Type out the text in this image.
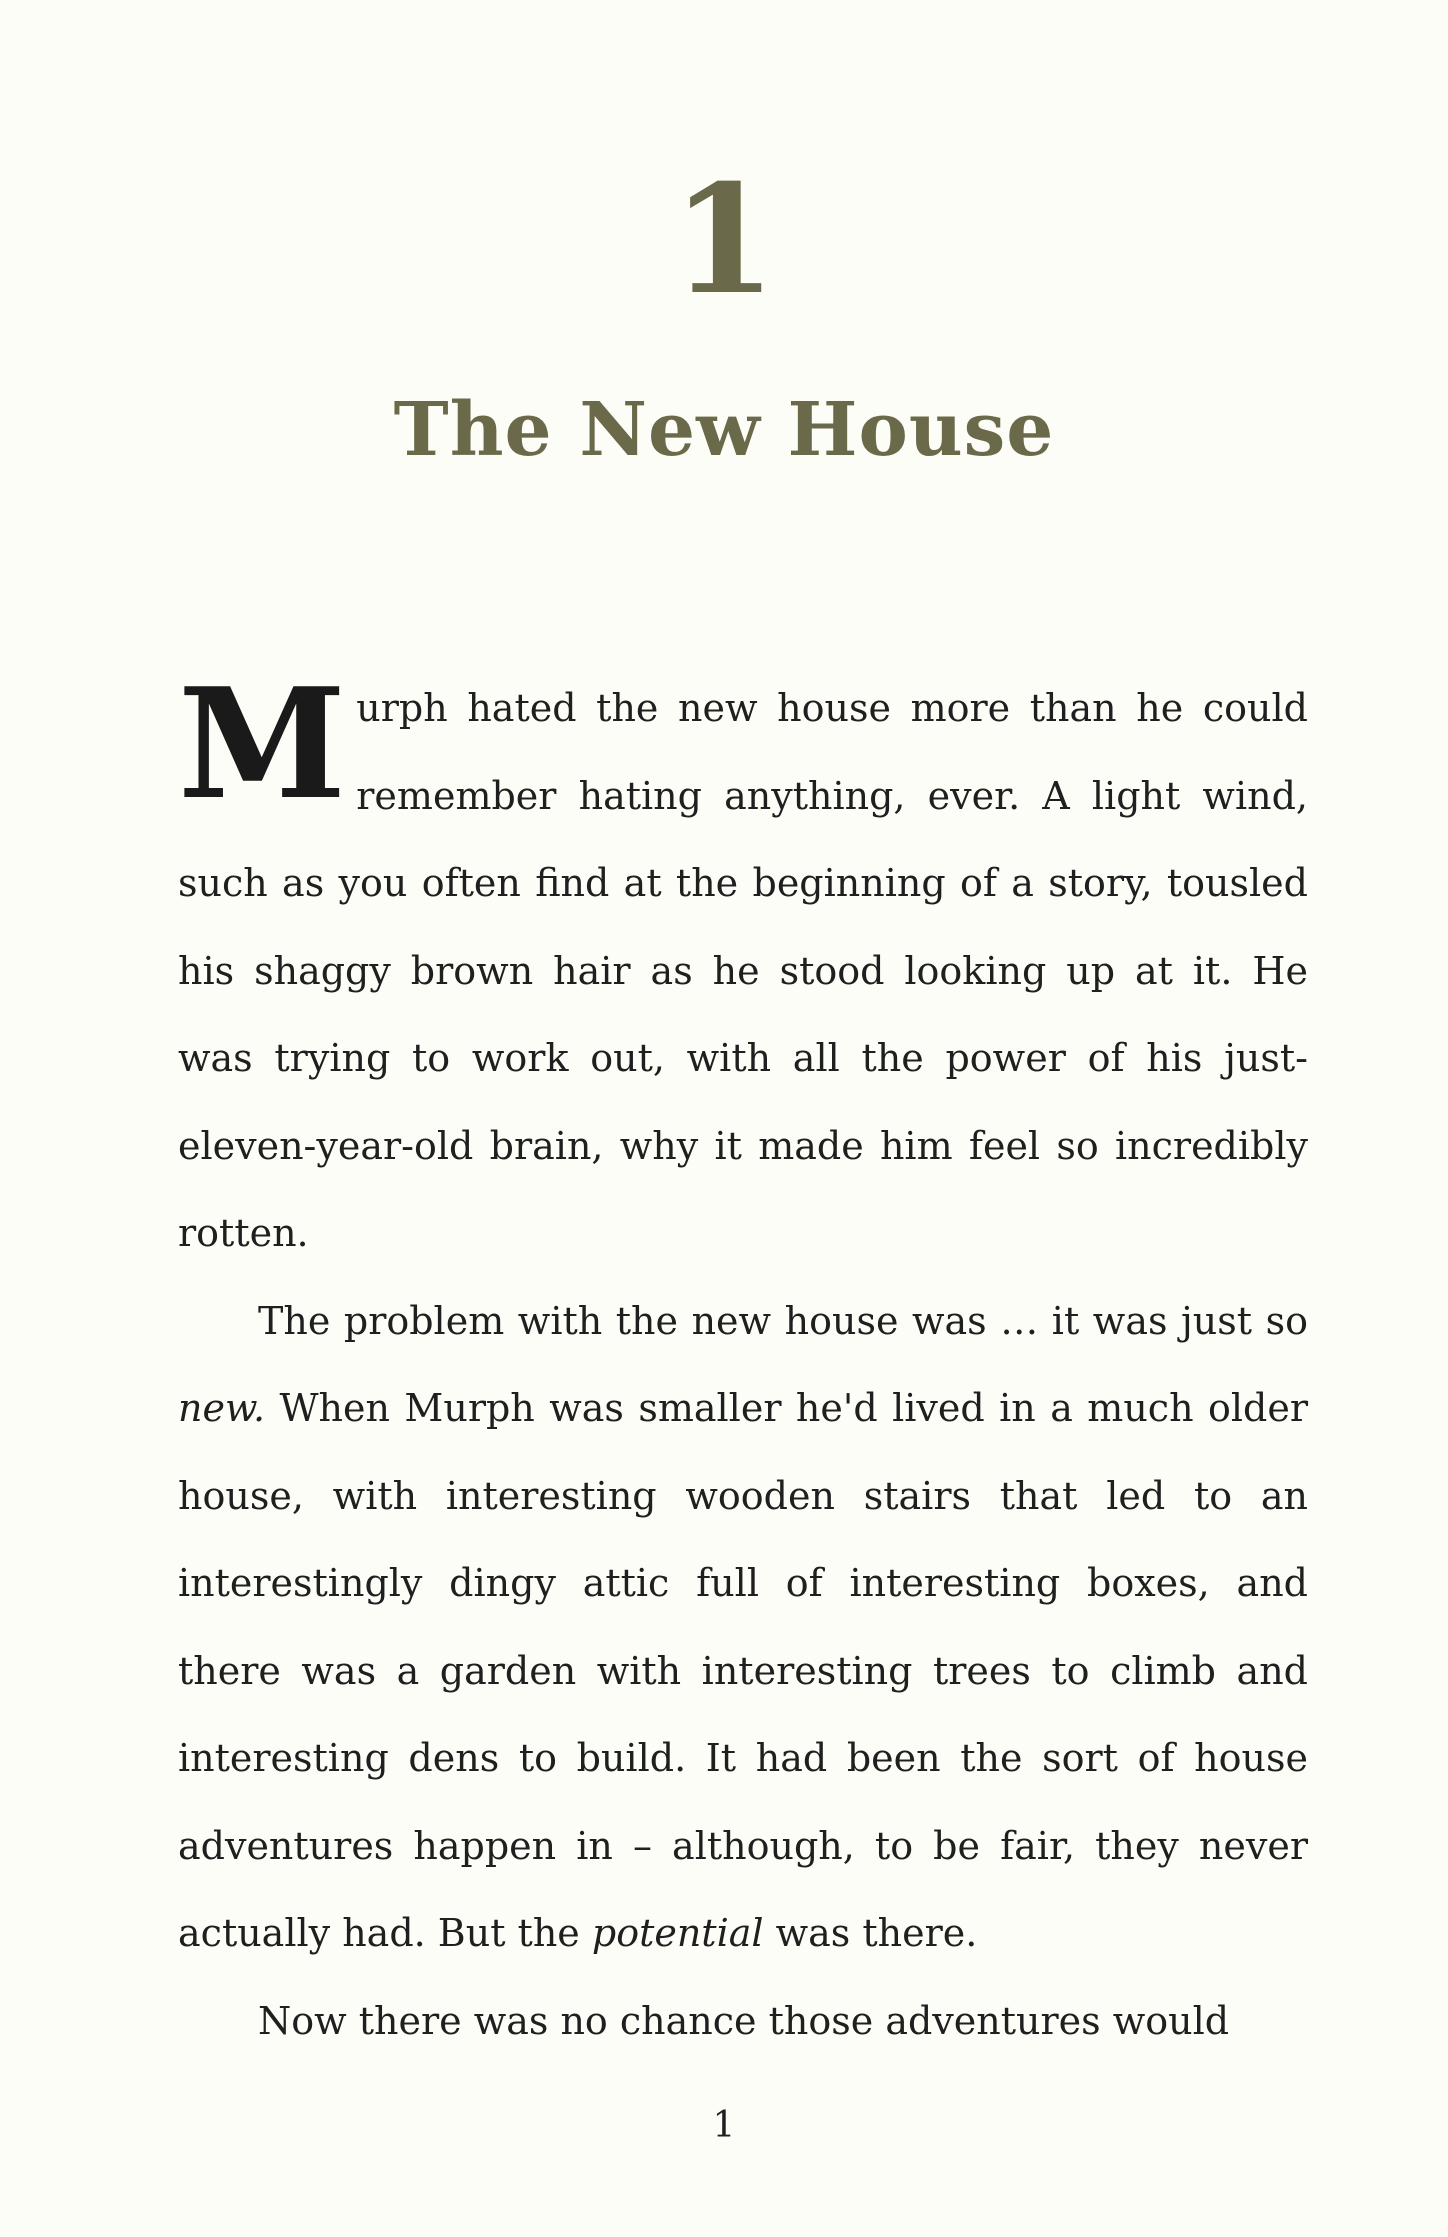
1
The New House

Murph hated the new house more than he could remember hating anything, ever. A light wind, such as you often find at the beginning of a story, tousled his shaggy brown hair as he stood looking up at it. He was trying to work out, with all the power of his just-eleven-year-old brain, why it made him feel so incredibly rotten.

The problem with the new house was … it was just so new. When Murph was smaller he'd lived in a much older house, with interesting wooden stairs that led to an interestingly dingy attic full of interesting boxes, and there was a garden with interesting trees to climb and interesting dens to build. It had been the sort of house adventures happen in – although, to be fair, they never actually had. But the potential was there.

Now there was no chance those adventures would

1
